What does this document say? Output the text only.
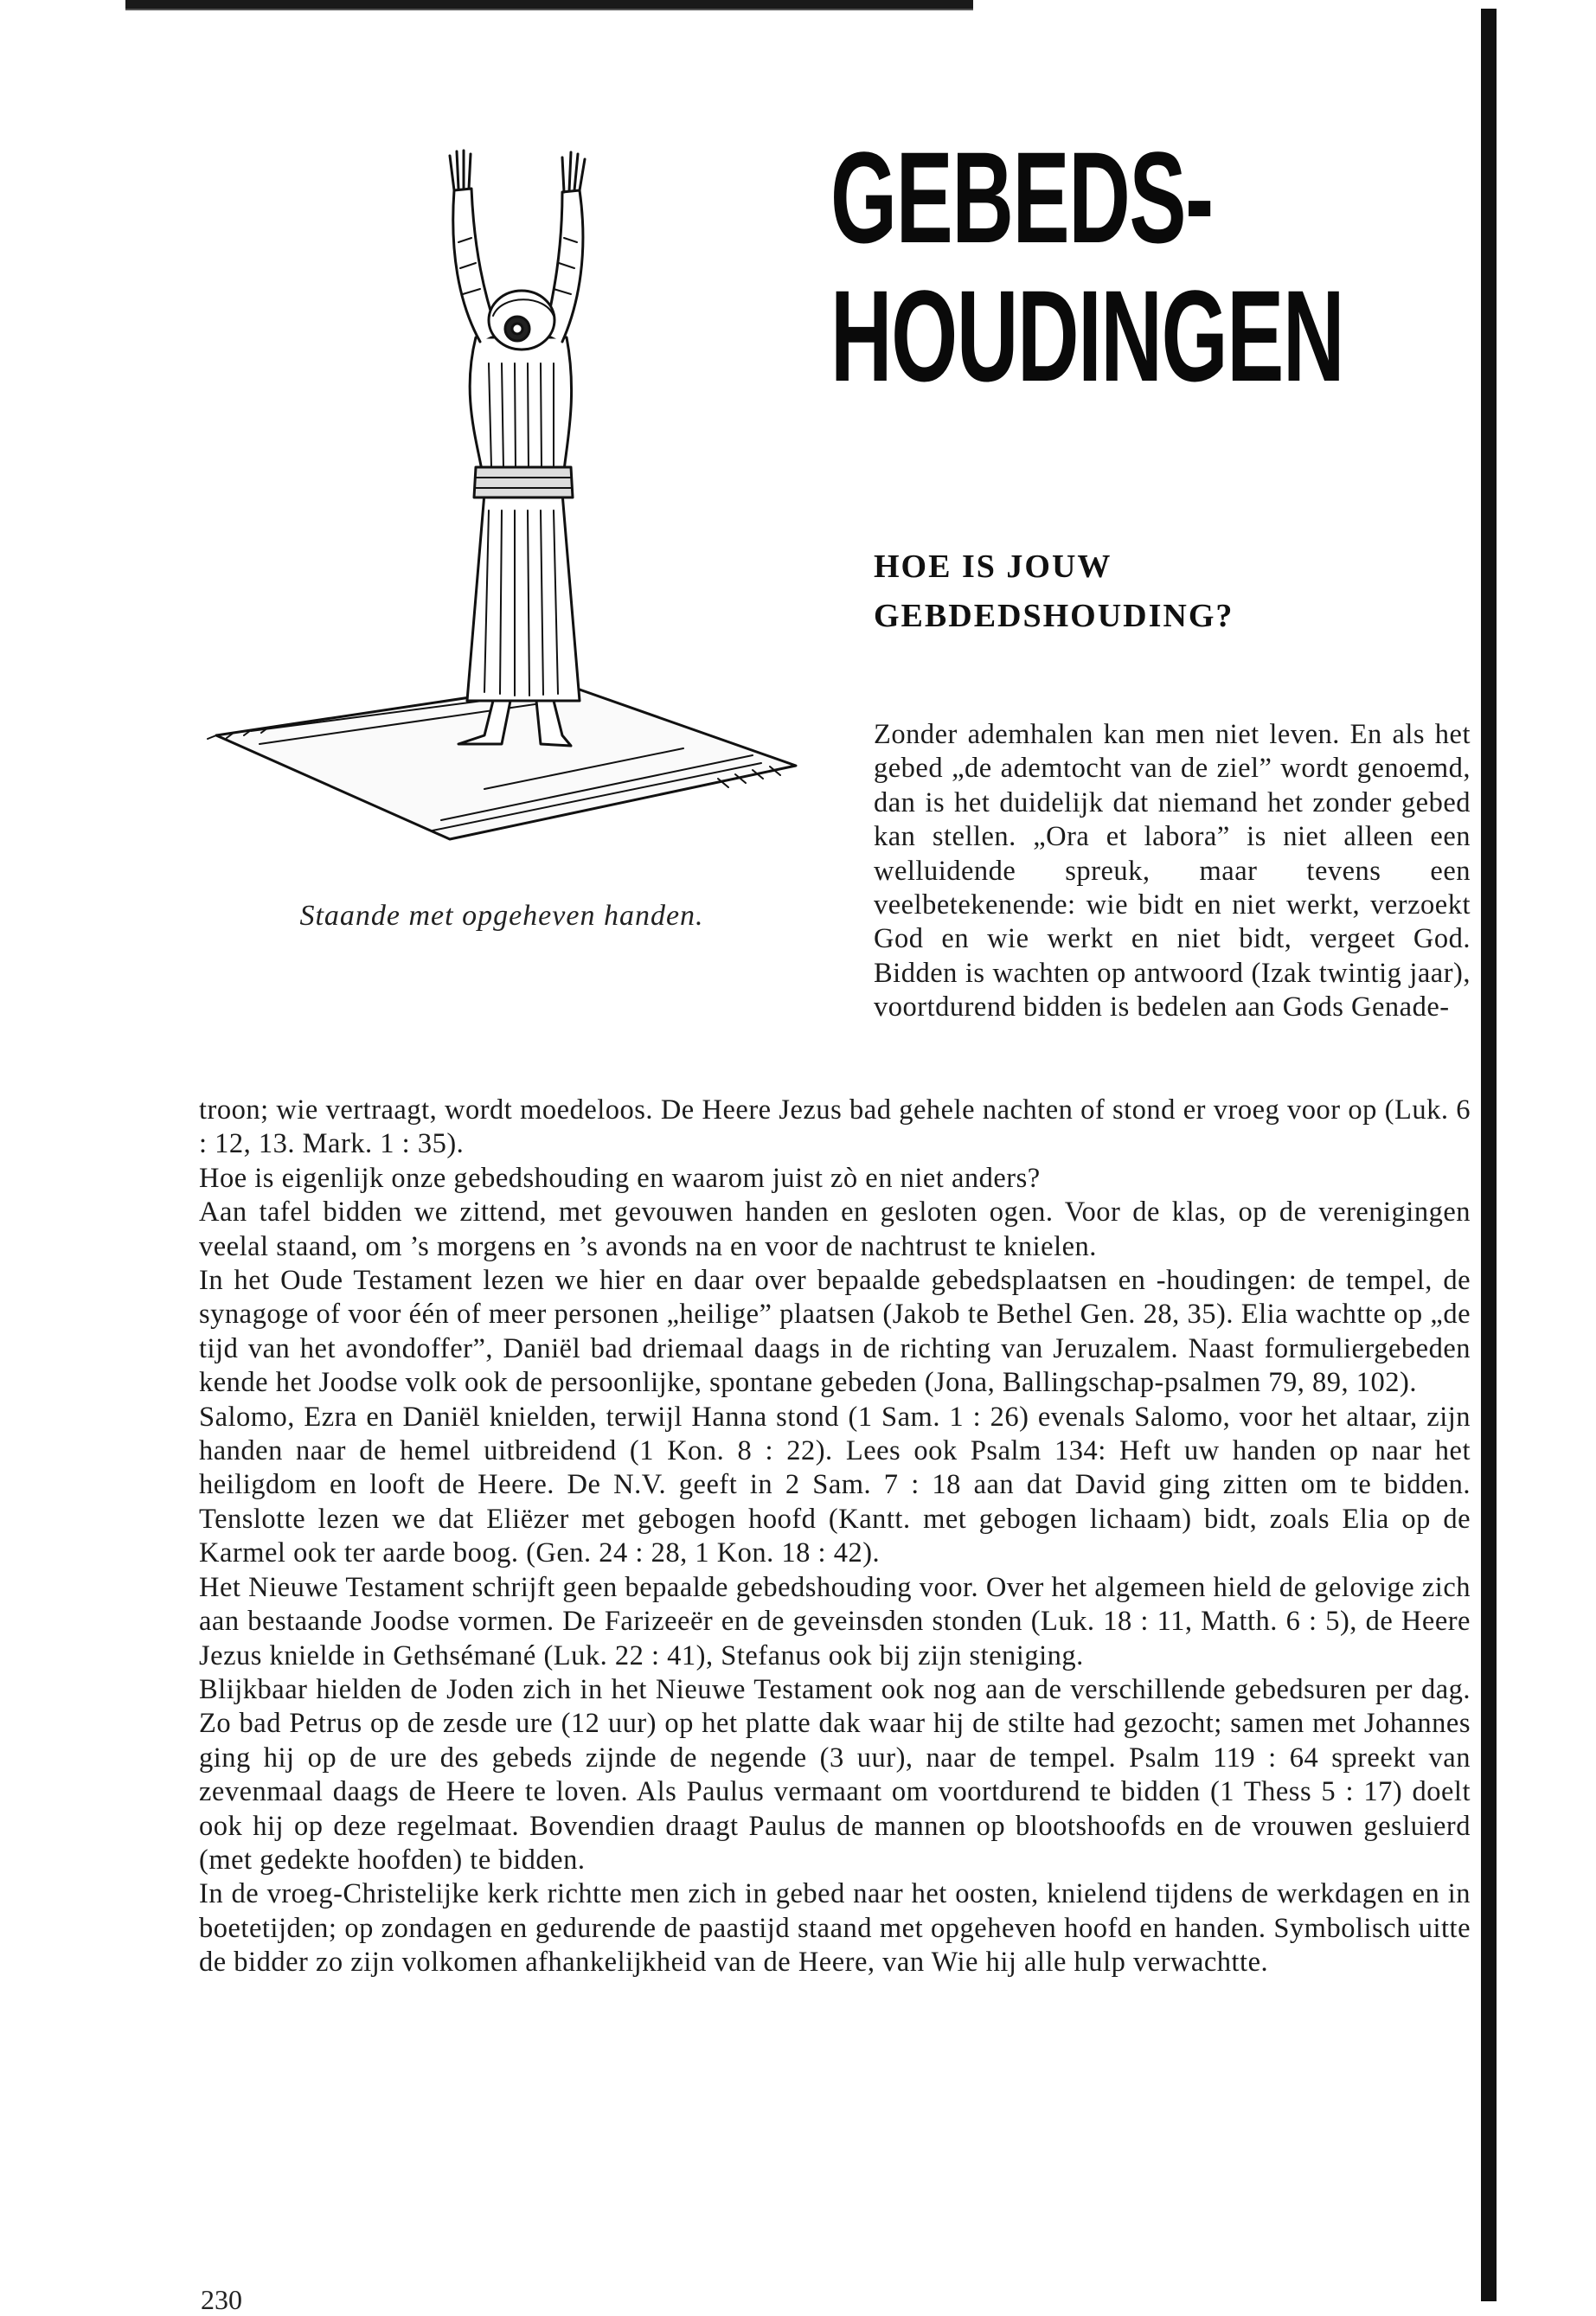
GEBEDS-
HOUDINGEN
HOE IS JOUW
GEBDEDSHOUDING?
Staande met opgeheven handen.
Zonder ademhalen kan men niet leven. En als het gebed „de ademtocht van de ziel” wordt genoemd, dan is het duidelijk dat niemand het zonder gebed kan stellen. „Ora et labora” is niet alleen een welluidende spreuk, maar tevens een veelbetekenende: wie bidt en niet werkt, verzoekt God en wie werkt en niet bidt, vergeet God. Bidden is wachten op antwoord (Izak twintig jaar), voortdurend bidden is bedelen aan Gods Genade-

troon; wie vertraagt, wordt moedeloos. De Heere Jezus bad gehele nachten of stond er vroeg voor op (Luk. 6 : 12, 13. Mark. 1 : 35).

Hoe is eigenlijk onze gebedshouding en waarom juist zò en niet anders?

Aan tafel bidden we zittend, met gevouwen handen en gesloten ogen. Voor de klas, op de verenigingen veelal staand, om ’s morgens en ’s avonds na en voor de nachtrust te knielen.

In het Oude Testament lezen we hier en daar over bepaalde gebedsplaatsen en -houdingen: de tempel, de synagoge of voor één of meer personen „heilige” plaatsen (Jakob te Bethel Gen. 28, 35). Elia wachtte op „de tijd van het avondoffer”, Daniël bad driemaal daags in de richting van Jeruzalem. Naast formuliergebeden kende het Joodse volk ook de persoonlijke, spontane gebeden (Jona, Ballingschap-psalmen 79, 89, 102).

Salomo, Ezra en Daniël knielden, terwijl Hanna stond (1 Sam. 1 : 26) evenals Salomo, voor het altaar, zijn handen naar de hemel uitbreidend (1 Kon. 8 : 22). Lees ook Psalm 134: Heft uw handen op naar het heiligdom en looft de Heere. De N.V. geeft in 2 Sam. 7 : 18 aan dat David ging zitten om te bidden. Tenslotte lezen we dat Eliëzer met gebogen hoofd (Kantt. met gebogen lichaam) bidt, zoals Elia op de Karmel ook ter aarde boog. (Gen. 24 : 28, 1 Kon. 18 : 42).

Het Nieuwe Testament schrijft geen bepaalde gebedshouding voor. Over het algemeen hield de gelovige zich aan bestaande Joodse vormen. De Farizeeër en de geveinsden stonden (Luk. 18 : 11, Matth. 6 : 5), de Heere Jezus knielde in Gethsémané (Luk. 22 : 41), Stefanus ook bij zijn steniging.

Blijkbaar hielden de Joden zich in het Nieuwe Testament ook nog aan de verschillende gebedsuren per dag. Zo bad Petrus op de zesde ure (12 uur) op het platte dak waar hij de stilte had gezocht; samen met Johannes ging hij op de ure des gebeds zijnde de negende (3 uur), naar de tempel. Psalm 119 : 64 spreekt van zevenmaal daags de Heere te loven. Als Paulus vermaant om voortdurend te bidden (1 Thess 5 : 17) doelt ook hij op deze regelmaat. Bovendien draagt Paulus de mannen op blootshoofds en de vrouwen gesluierd (met gedekte hoofden) te bidden.

In de vroeg-Christelijke kerk richtte men zich in gebed naar het oosten, knielend tijdens de werkdagen en in boetetijden; op zondagen en gedurende de paastijd staand met opgeheven hoofd en handen. Symbolisch uitte de bidder zo zijn volkomen afhankelijkheid van de Heere, van Wie hij alle hulp verwachtte.

230
